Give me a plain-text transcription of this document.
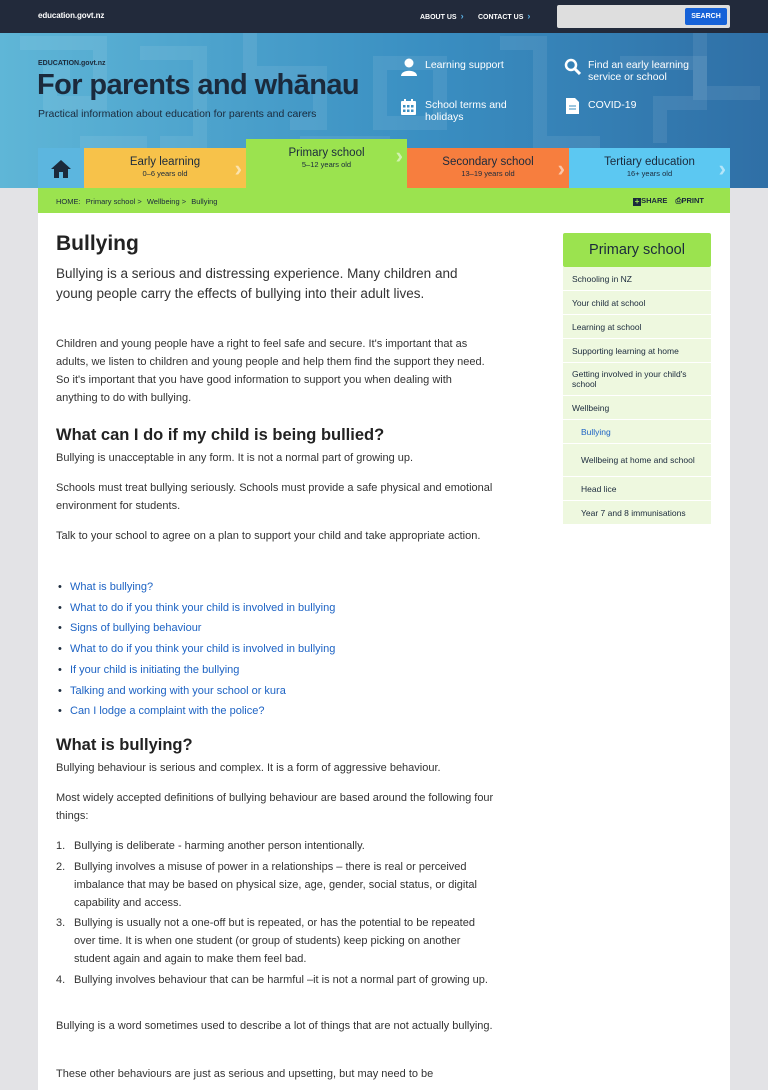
education.govt.nz	ABOUT US › CONTACT US ›	SEARCH
EDUCATION.govt.nz
For parents and whānau
Practical information about education for parents and carers
Learning support	Find an early learning service or school
School terms and holidays
COVID-19
Early learning
0–6 years old	›
Primary school
5–12 years old	›	Secondary school
13–19 years old	›	Tertiary education
16+ years old	›
HOME: Primary school > Wellbeing > Bullying	+ SHARE ⎙PRINT
Bullying

Bullying is a serious and distressing experience. Many children and young people carry the effects of bullying into their adult lives.

Children and young people have a right to feel safe and secure. It's important that as adults, we listen to children and young people and help them find the support they need. So it's important that you have good information to support you when dealing with anything to do with bullying.

What can I do if my child is being bullied?

Bullying is unacceptable in any form. It is not a normal part of growing up.

Schools must treat bullying seriously. Schools must provide a safe physical and emotional environment for students.

Talk to your school to agree on a plan to support your child and take appropriate action.

• What is bullying?
• What to do if you think your child is involved in bullying
• Signs of bullying behaviour
• What to do if you think your child is involved in bullying
• If your child is initiating the bullying
• Talking and working with your school or kura
• Can I lodge a complaint with the police?
What is bullying?

Bullying behaviour is serious and complex. It is a form of aggressive behaviour.

Most widely accepted definitions of bullying behaviour are based around the following four things:

1. Bullying is deliberate - harming another person intentionally.
2. Bullying involves a misuse of power in a relationships – there is real or perceived imbalance that may be based on physical size, age, gender, social status, or digital capability and access.
3. Bullying is usually not a one-off but is repeated, or has the potential to be repeated over time. It is when one student (or group of students) keep picking on another student again and again to make them feel bad.
4. Bullying involves behaviour that can be harmful –it is not a normal part of growing up.

Bullying is a word sometimes used to describe a lot of things that are not actually bullying.

These other behaviours are just as serious and upsetting, but may need to be

Primary school
Schooling in NZ
Your child at school
Learning at school
Supporting learning at home
Getting involved in your child's school
Wellbeing
Bullying
Wellbeing at home and school
Head lice
Year 7 and 8 immunisations
